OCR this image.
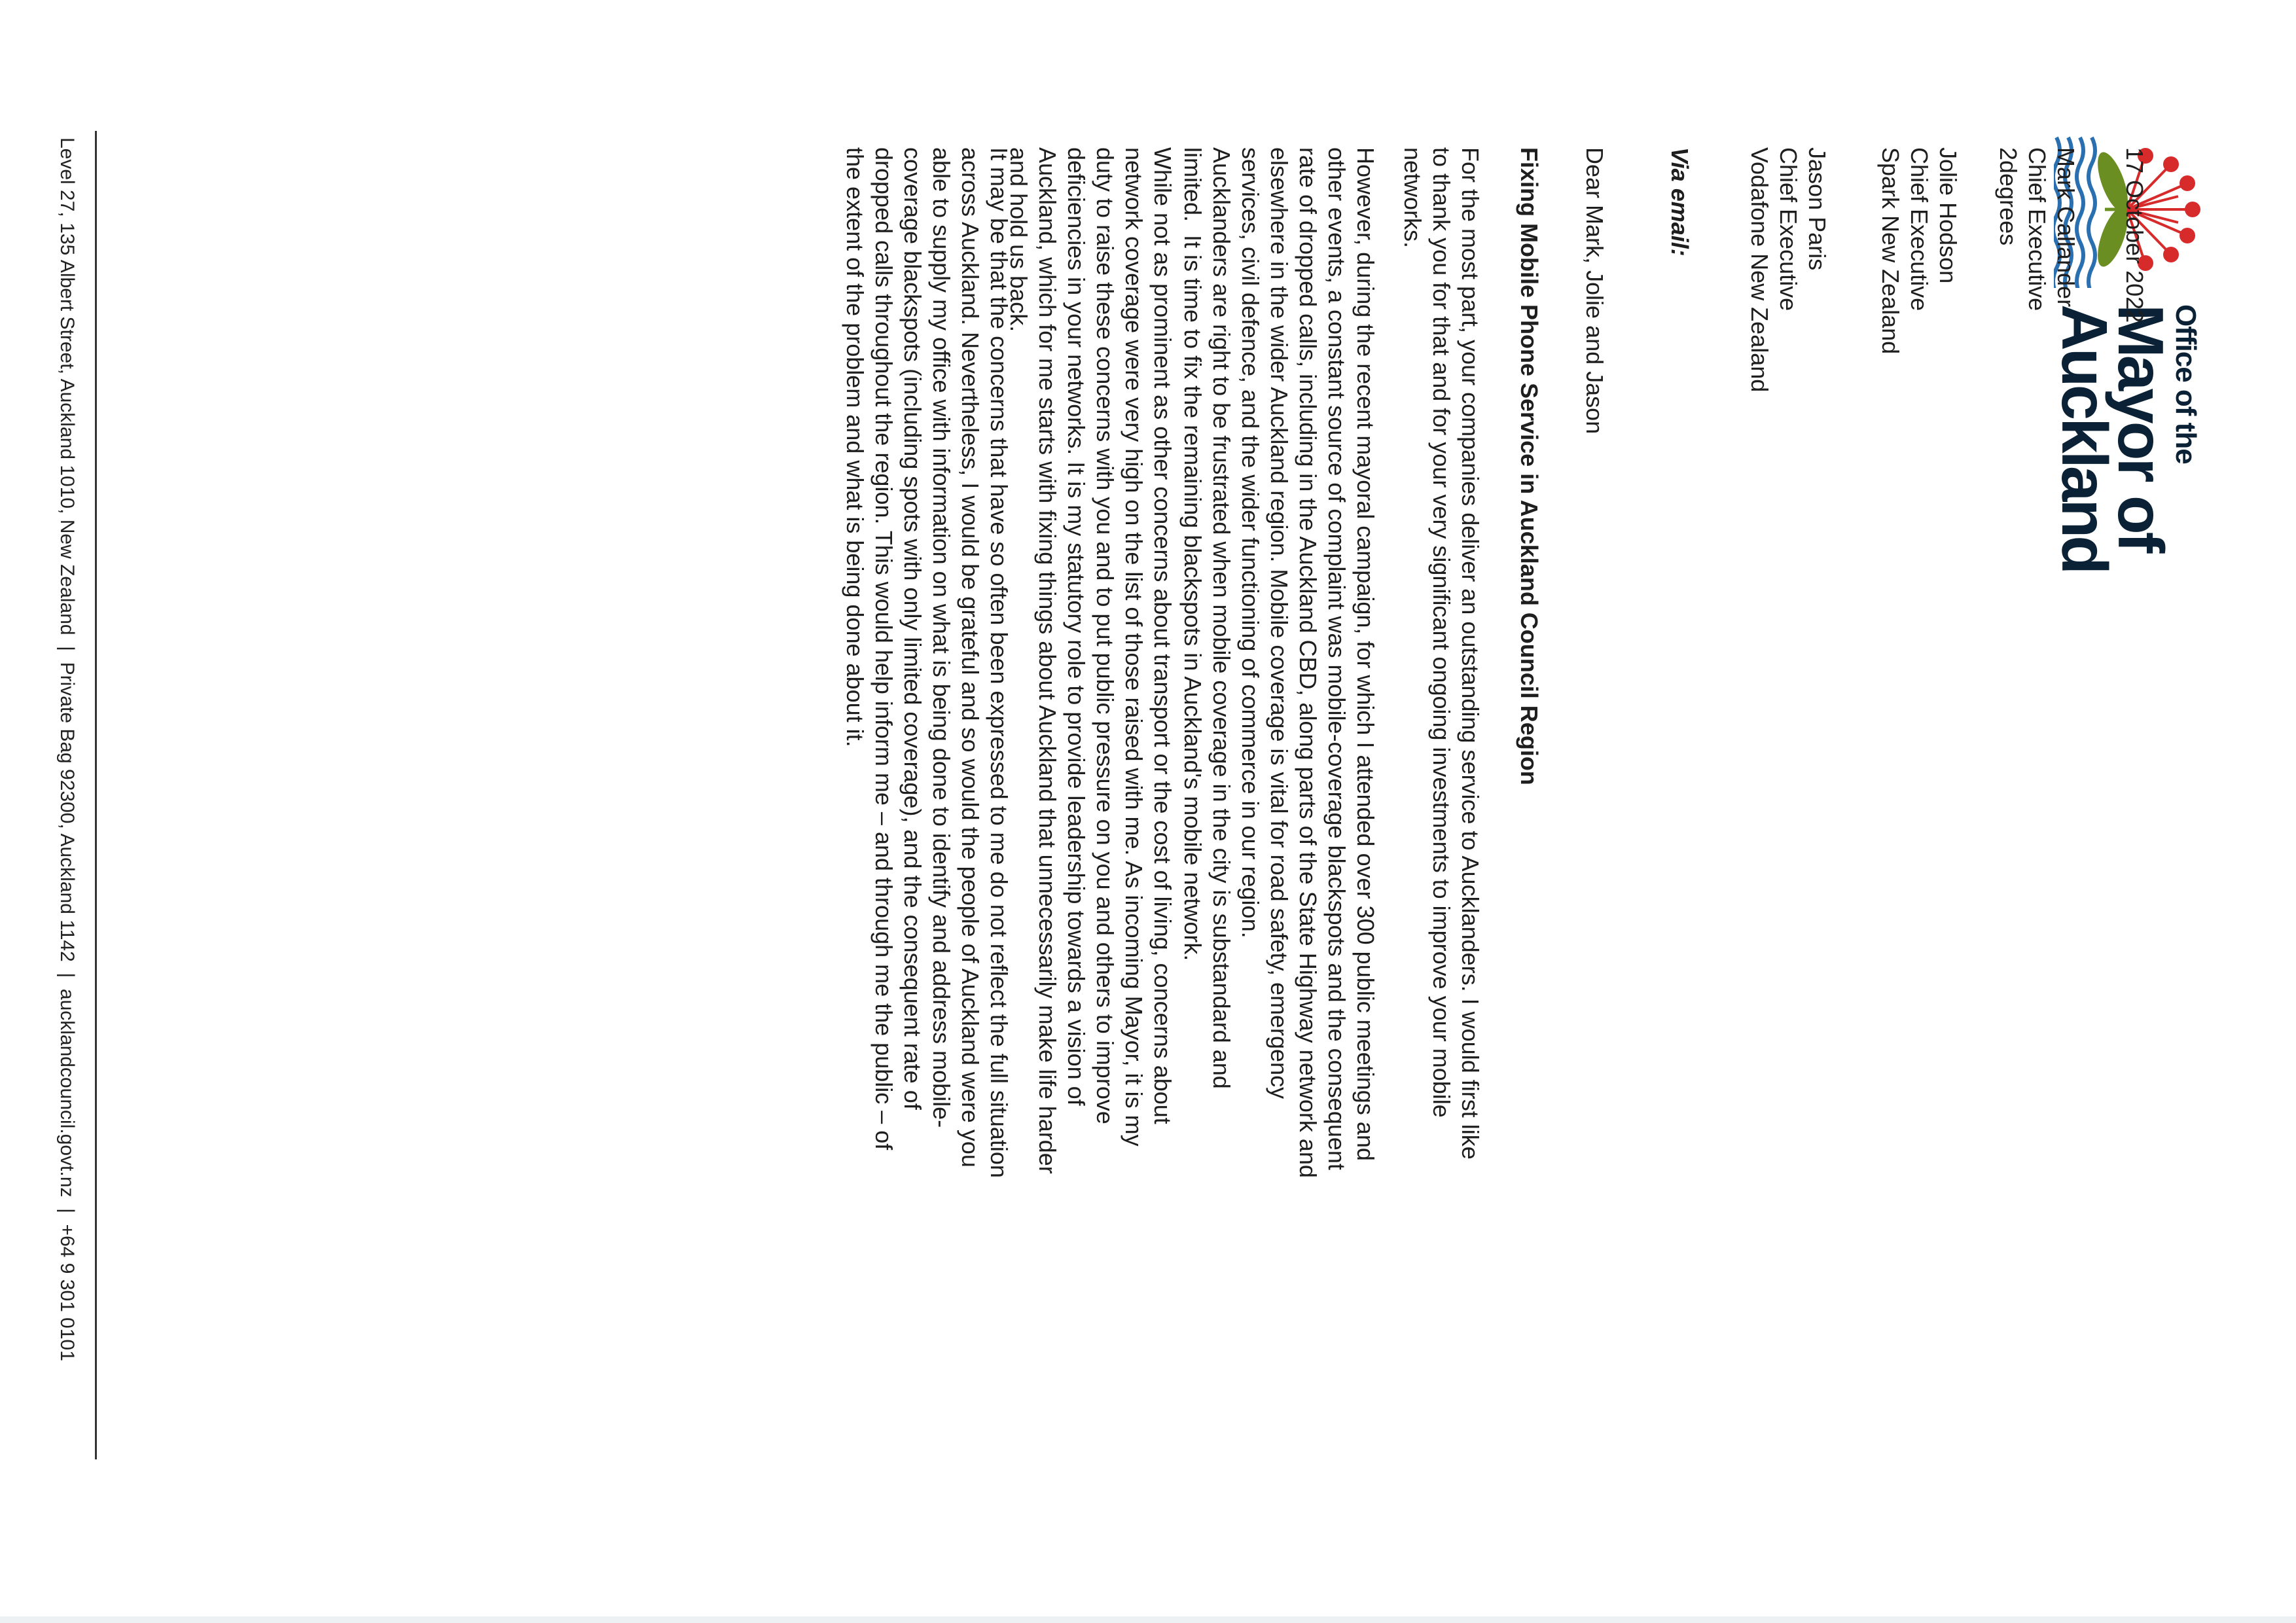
Office of the
Mayor of
Auckland
17 October 2022
Mark Callander
Chief Executive
2degrees
Jolie Hodson
Chief Executive
Spark New Zealand
Jason Paris
Chief Executive
Vodafone New Zealand
Via email:
Dear Mark, Jolie and Jason
Fixing Mobile Phone Service in Auckland Council Region

For the most part, your companies deliver an outstanding service to Aucklanders. I would first like
to thank you for that and for your very significant ongoing investments to improve your mobile
networks.

However, during the recent mayoral campaign, for which I attended over 300 public meetings and
other events, a constant source of complaint was mobile-coverage blackspots and the consequent
rate of dropped calls, including in the Auckland CBD, along parts of the State Highway network and
elsewhere in the wider Auckland region. Mobile coverage is vital for road safety, emergency
services, civil defence, and the wider functioning of commerce in our region.

Aucklanders are right to be frustrated when mobile coverage in the city is substandard and
limited.  It is time to fix the remaining blackspots in Auckland's mobile network.

While not as prominent as other concerns about transport or the cost of living, concerns about
network coverage were very high on the list of those raised with me. As incoming Mayor, it is my
duty to raise these concerns with you and to put public pressure on you and others to improve
deficiencies in your networks. It is my statutory role to provide leadership towards a vision of
Auckland, which for me starts with fixing things about Auckland that unnecessarily make life harder
and hold us back.

It may be that the concerns that have so often been expressed to me do not reflect the full situation
across Auckland. Nevertheless, I would be grateful and so would the people of Auckland were you
able to supply my office with information on what is being done to identify and address mobile-
coverage blackspots (including spots with only limited coverage), and the consequent rate of
dropped calls throughout the region. This would help inform me – and through me the public – of
the extent of the problem and what is being done about it.

Level 27, 135 Albert Street, Auckland 1010, New Zealand  |  Private Bag 92300, Auckland 1142  |  aucklandcouncil.govt.nz  |  +64 9 301 0101
